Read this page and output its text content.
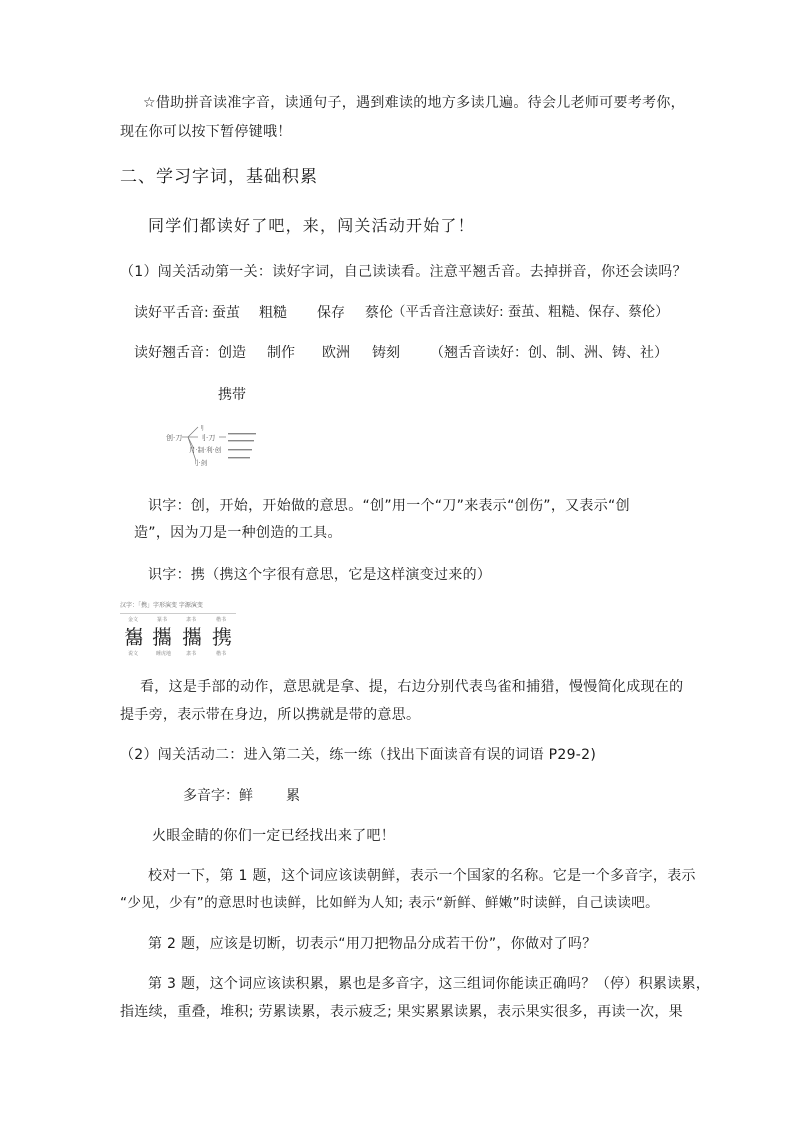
☆借助拼音读准字音，读通句子，遇到难读的地方多读几遍。待会儿老师可要考考你，
现在你可以按下暂停键哦！
二、学习字词，基础积累
同学们都读好了吧，来，闯关活动开始了！
（1）闯关活动第一关：读好字词，自己读读看。注意平翘舌音。去掉拼音，你还会读吗？
读好平舌音: 蚕茧 粗糙 保存 蔡伦 （平舌音注意读好: 蚕茧、粗糙、保存、蔡伦）
读好翘舌音： 创造 制作 欧洲 铸刻 （翘舌音读好：创、制、洲、铸、社）
携带
创·刀
刂
刂·刀
月·制·利·创
刂·剑
识字：创，开始，开始做的意思。“创”用一个“刀”来表示“创伤”，又表示“创
造”，因为刀是一种创造的工具。
识字：携（携这个字很有意思，它是这样演变过来的）
汉字：「携」字形演变 字源演变
金文	篆书	隶书	楷书
雟 攜 攜 携
说文	睡虎地	隶书	楷书
看，这是手部的动作，意思就是拿、提，右边分别代表鸟雀和捕猎，慢慢简化成现在的
提手旁，表示带在身边，所以携就是带的意思。
（2）闯关活动二：进入第二关，练一练（找出下面读音有误的词语 P29-2)
多音字：鲜 累
火眼金睛的你们一定已经找出来了吧！
校对一下，第 1 题，这个词应该读朝鲜，表示一个国家的名称。它是一个多音字，表示
“少见，少有”的意思时也读鲜，比如鲜为人知; 表示“新鲜、鲜嫩”时读鲜，自己读读吧。
第 2 题，应该是切断，切表示“用刀把物品分成若干份”，你做对了吗？
第 3 题，这个词应该读积累，累也是多音字，这三组词你能读正确吗？（停）积累读累，
指连续，重叠，堆积; 劳累读累，表示疲乏; 果实累累读累，表示果实很多，再读一次，果
